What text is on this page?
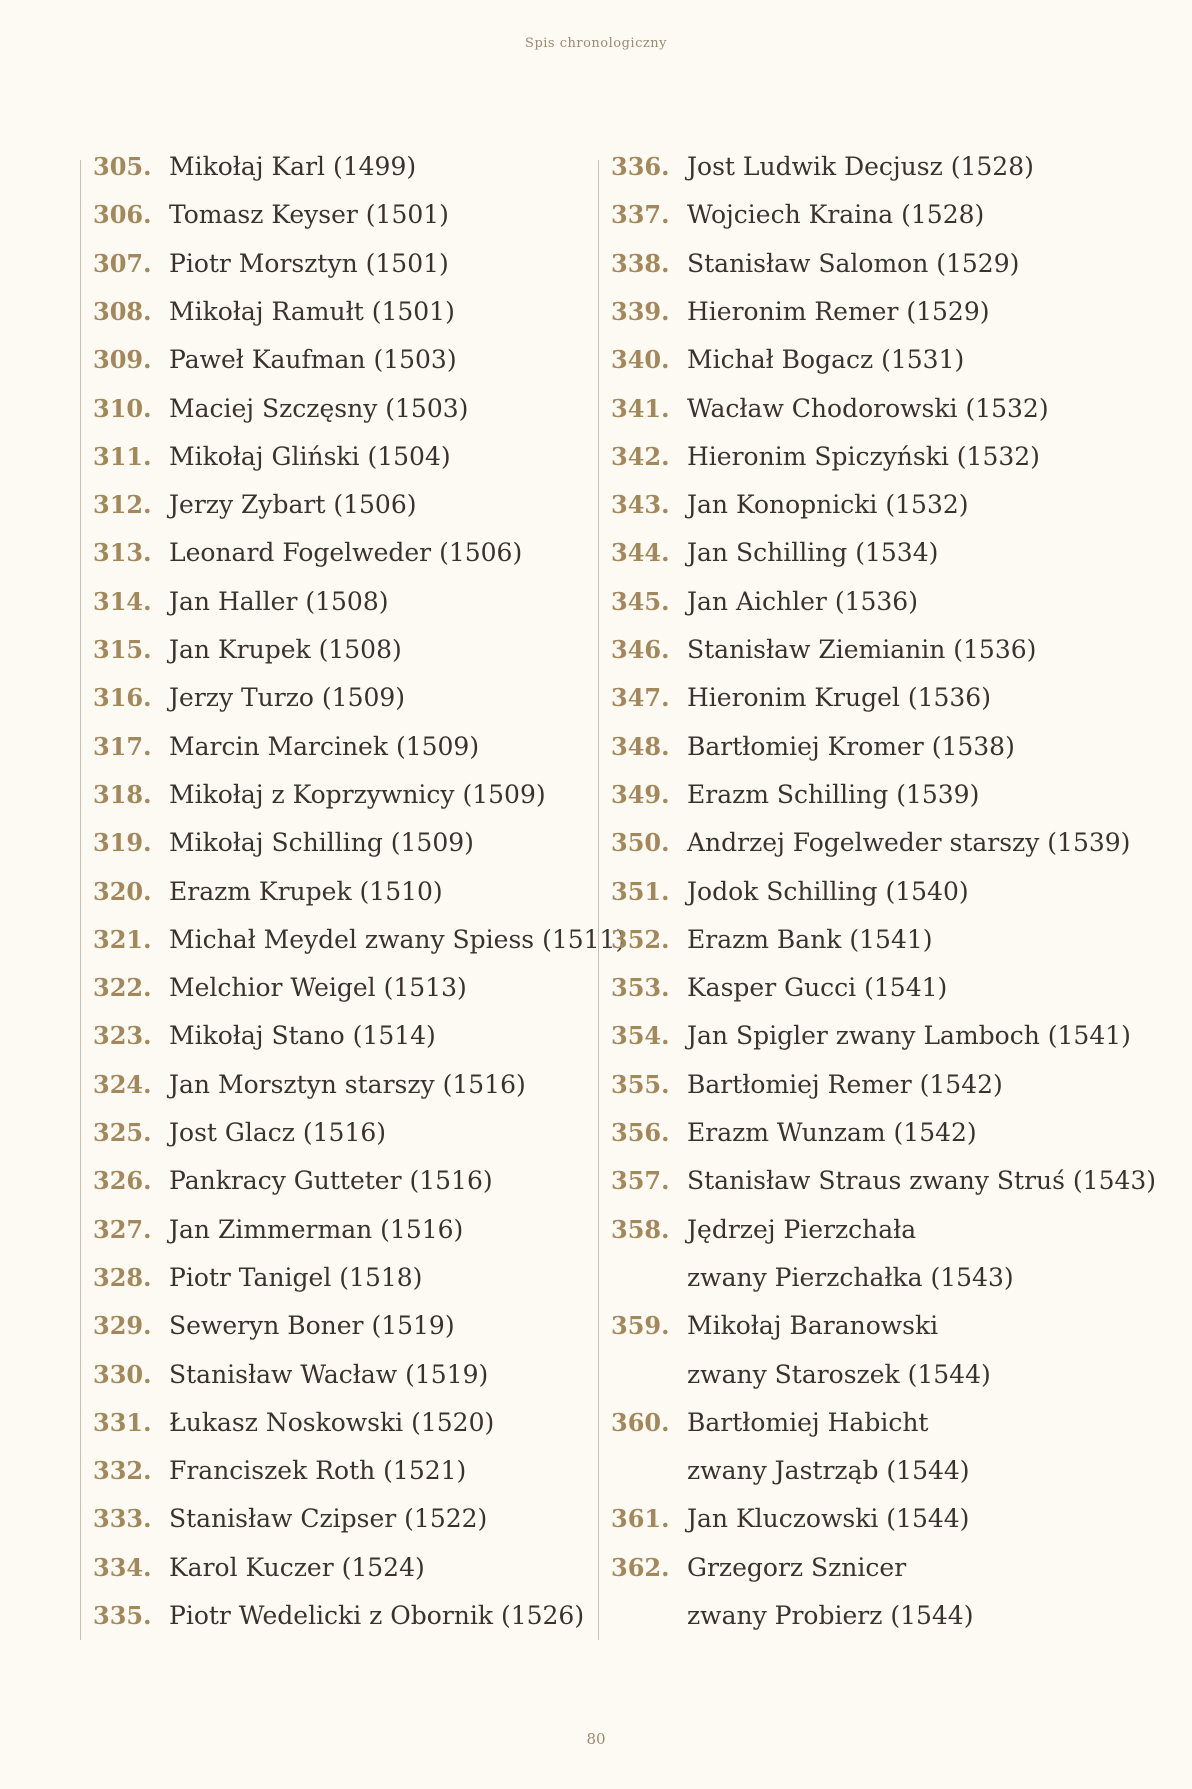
Spis chronologiczny
305. Mikołaj Karl (1499)
306. Tomasz Keyser (1501)
307. Piotr Morsztyn (1501)
308. Mikołaj Ramułt (1501)
309. Paweł Kaufman (1503)
310. Maciej Szczęsny (1503)
311. Mikołaj Gliński (1504)
312. Jerzy Zybart (1506)
313. Leonard Fogelweder (1506)
314. Jan Haller (1508)
315. Jan Krupek (1508)
316. Jerzy Turzo (1509)
317. Marcin Marcinek (1509)
318. Mikołaj z Koprzywnicy (1509)
319. Mikołaj Schilling (1509)
320. Erazm Krupek (1510)
321. Michał Meydel zwany Spiess (1511)
322. Melchior Weigel (1513)
323. Mikołaj Stano (1514)
324. Jan Morsztyn starszy (1516)
325. Jost Glacz (1516)
326. Pankracy Gutteter (1516)
327. Jan Zimmerman (1516)
328. Piotr Tanigel (1518)
329. Seweryn Boner (1519)
330. Stanisław Wacław (1519)
331. Łukasz Noskowski (1520)
332. Franciszek Roth (1521)
333. Stanisław Czipser (1522)
334. Karol Kuczer (1524)
335. Piotr Wedelicki z Obornik (1526)
336. Jost Ludwik Decjusz (1528)
337. Wojciech Kraina (1528)
338. Stanisław Salomon (1529)
339. Hieronim Remer (1529)
340. Michał Bogacz (1531)
341. Wacław Chodorowski (1532)
342. Hieronim Spiczyński (1532)
343. Jan Konopnicki (1532)
344. Jan Schilling (1534)
345. Jan Aichler (1536)
346. Stanisław Ziemianin (1536)
347. Hieronim Krugel (1536)
348. Bartłomiej Kromer (1538)
349. Erazm Schilling (1539)
350. Andrzej Fogelweder starszy (1539)
351. Jodok Schilling (1540)
352. Erazm Bank (1541)
353. Kasper Gucci (1541)
354. Jan Spigler zwany Lamboch (1541)
355. Bartłomiej Remer (1542)
356. Erazm Wunzam (1542)
357. Stanisław Straus zwany Struś (1543)
358. Jędrzej Pierzchała
zwany Pierzchałka (1543)
359. Mikołaj Baranowski
zwany Staroszek (1544)
360. Bartłomiej Habicht
zwany Jastrząb (1544)
361. Jan Kluczowski (1544)
362. Grzegorz Sznicer
zwany Probierz (1544)
80
